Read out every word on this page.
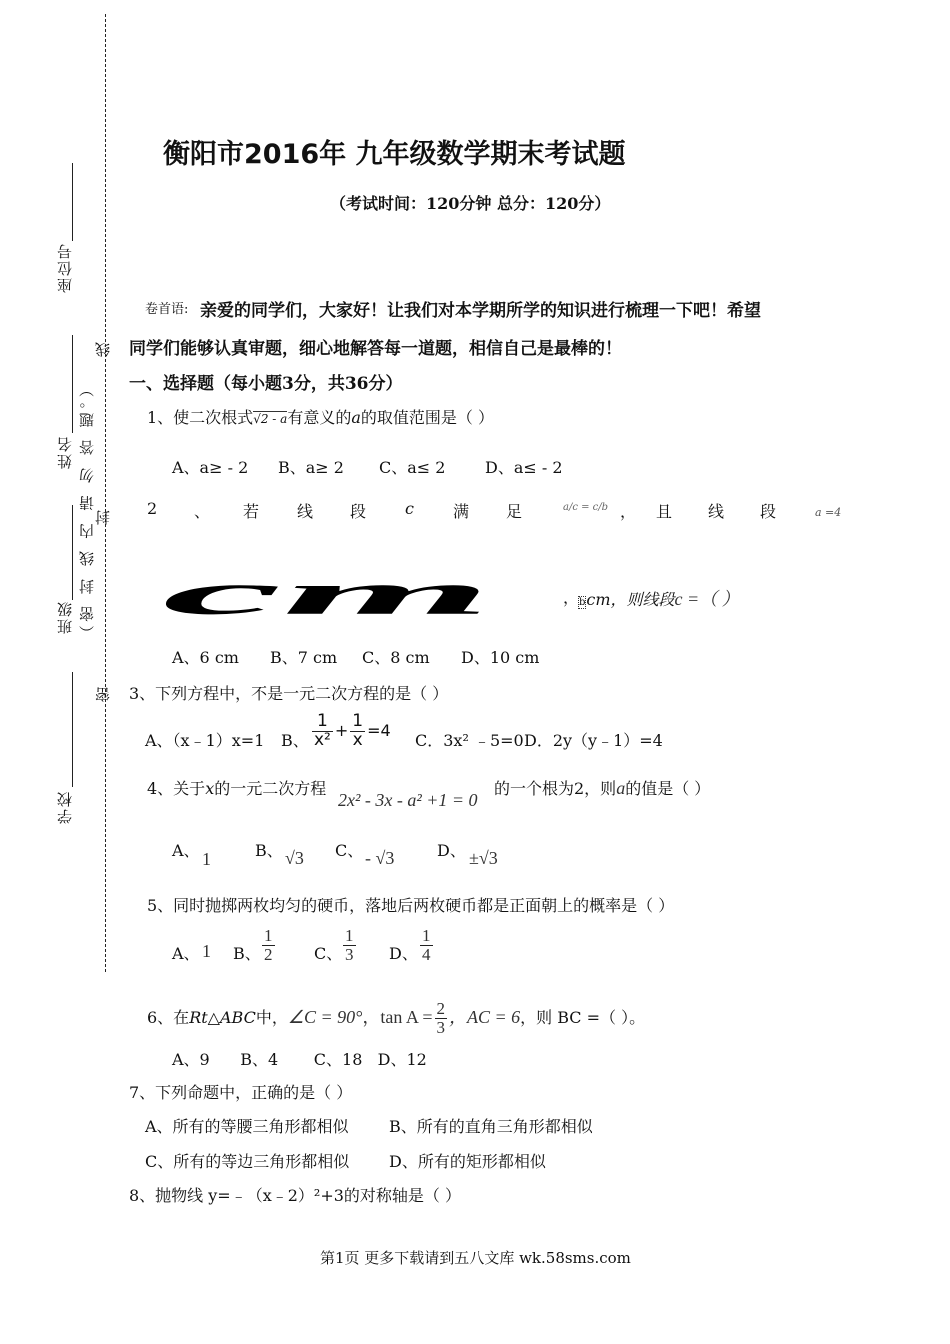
座位号
姓名
班级
学校
（密 封 线 内 请 勿 答 题。）
线
封
密
衡阳市2016年 九年级数学期末考试题
（考试时间：120分钟 总分：120分）
卷首语: 亲爱的同学们，大家好！让我们对本学期所学的知识进行梳理一下吧！希望
同学们能够认真审题，细心地解答每一道题，相信自己是最棒的！
一、选择题（每小题3分，共36分）
1、使二次根式√2 - a有意义的a的取值范围是（ ）
A、a≥ - 2 B、a≥ 2 C、a≤ 2 D、a≤ - 2
2 、 若 线 段 c 满 足	a/c = c/b ， 且 线 段	a =4
cm	， bcm，则线段c =（ ）
A、6 cm B、7 cm C、8 cm D、10 cm
3、下列方程中，不是一元二次方程的是（ ）
A、（x﹣1）x=1 B、 $\frac{1}{\text{x²}} + \frac{1}{x} =4$
C．3x² ﹣5=0 D．2y（y﹣1）=4
4、关于x的一元二次方程
2x² - 3x - a² +1 = 0
的一个根为2，则a的值是（ ）
A、 1	B、 √3 C、 - √3	D、 ±√3
5、同时抛掷两枚均匀的硬币，落地后两枚硬币都是正面朝上的概率是（ ）
A、 1 B、 $\frac{1}{2}$ C、 $\frac{1}{3}$ D、 $\frac{1}{4}$
6、在Rt△ABC中，∠C = 90°，$\tan A = \frac{2}{3}$ ，AC = 6，则 BC =（ ）。
A、9      B、4       C、18   D、12
7、下列命题中，正确的是（ ）
A、所有的等腰三角形都相似	B、所有的直角三角形都相似
C、所有的等边三角形都相似 D、所有的矩形都相似
8、抛物线 y=﹣（x﹣2）²+3的对称轴是（ ）
第1页 更多下载请到五八文库 wk.58sms.com
